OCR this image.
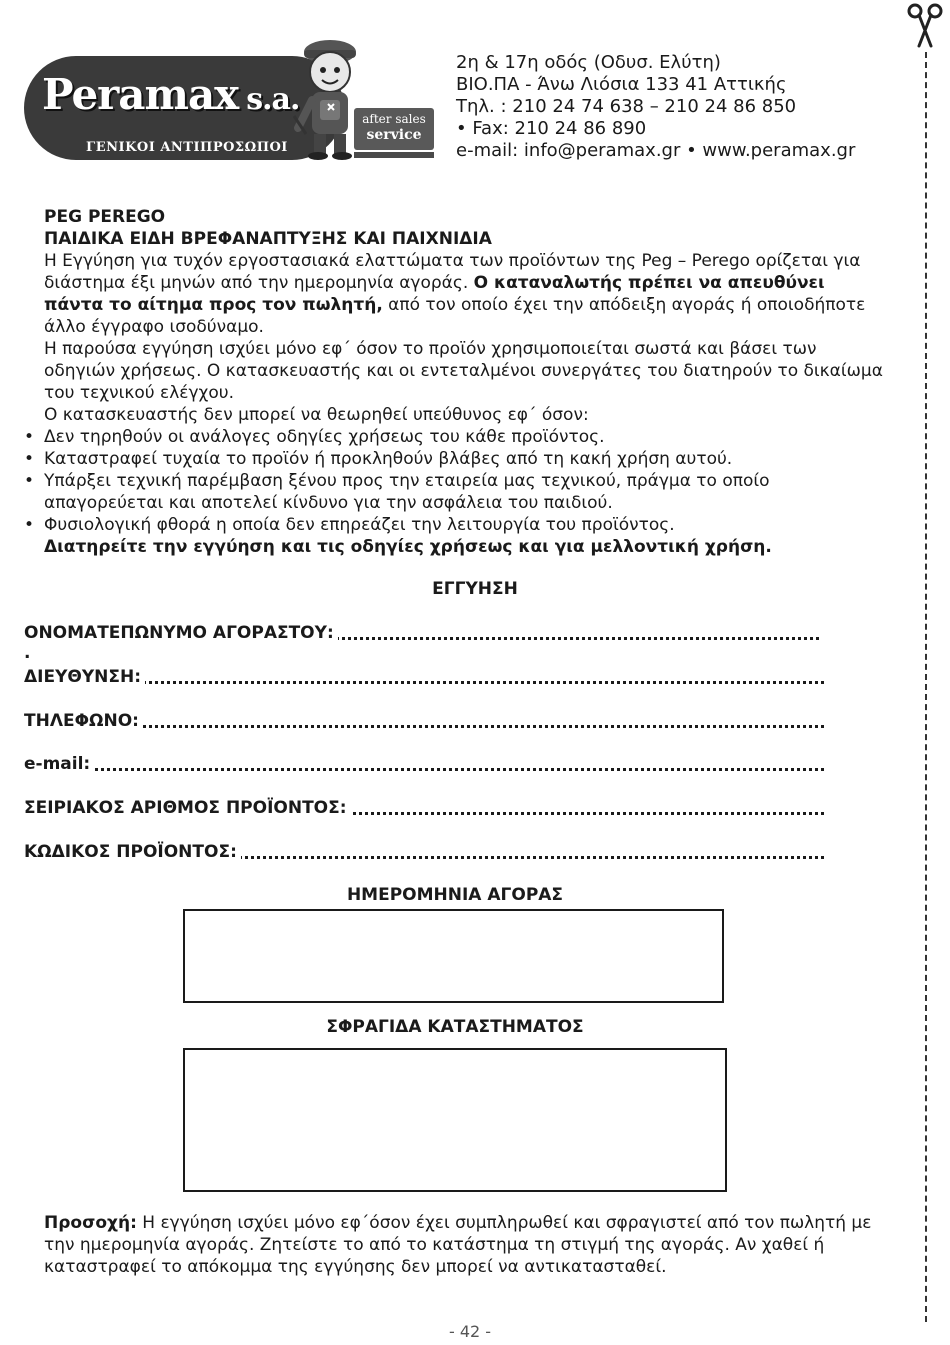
Peramax s.a.
ΓΕΝΙΚΟΙ ΑΝΤΙΠΡΟΣΩΠΟΙ
after sales
service
2η & 17η οδός (Οδυσ. Ελύτη)
ΒΙΟ.ΠΑ - Άνω Λιόσια 133 41 Αττικής
Τηλ. : 210 24 74 638 – 210 24 86 850
• Fax: 210 24 86 890
e-mail: info@peramax.gr • www.peramax.gr

PEG PEREGO

ΠΑΙΔΙΚΑ ΕΙΔΗ ΒΡΕΦΑΝΑΠΤΥΞΗΣ ΚΑΙ ΠΑΙΧΝΙΔΙΑ

Η Εγγύηση για τυχόν εργοστασιακά ελαττώματα των προϊόντων της Peg – Perego ορίζεται για διάστημα έξι μηνών από την ημερομηνία αγοράς. Ο καταναλωτής πρέπει να απευθύνει πάντα το αίτημα προς τον πωλητή, από τον οποίο έχει την απόδειξη αγοράς ή οποιοδήποτε άλλο έγγραφο ισοδύναμο.

Η παρούσα εγγύηση ισχύει μόνο εφ΄ όσον το προϊόν χρησιμοποιείται σωστά και βάσει των οδηγιών χρήσεως. Ο κατασκευαστής και οι εντεταλμένοι συνεργάτες του διατηρούν το δικαίωμα του τεχνικού ελέγχου.

Ο κατασκευαστής δεν μπορεί να θεωρηθεί υπεύθυνος εφ΄ όσον:

• Δεν τηρηθούν οι ανάλογες οδηγίες χρήσεως του κάθε προϊόντος.

• Καταστραφεί τυχαία το προϊόν ή προκληθούν βλάβες από τη κακή χρήση αυτού.

• Υπάρξει τεχνική παρέμβαση ξένου προς την εταιρεία μας τεχνικού, πράγμα το οποίο απαγορεύεται και αποτελεί κίνδυνο για την ασφάλεια του παιδιού.

• Φυσιολογική φθορά η οποία δεν επηρεάζει την λειτουργία του προϊόντος.

Διατηρείτε την εγγύηση και τις οδηγίες χρήσεως και για μελλοντική χρήση.

ΕΓΓΥΗΣΗ
ΟΝΟΜΑΤΕΠΩΝΥΜΟ ΑΓΟΡΑΣΤΟΥ:
.
ΔΙΕΥΘΥΝΣΗ:
ΤΗΛΕΦΩΝΟ:
e-mail:
ΣΕΙΡΙΑΚΟΣ ΑΡΙΘΜΟΣ ΠΡΟΪΟΝΤΟΣ:
ΚΩΔΙΚΟΣ ΠΡΟΪΟΝΤΟΣ:
ΗΜΕΡΟΜΗΝΙΑ ΑΓΟΡΑΣ
ΣΦΡΑΓΙΔΑ ΚΑΤΑΣΤΗΜΑΤΟΣ
Προσοχή: Η εγγύηση ισχύει μόνο εφ΄όσον έχει συμπληρωθεί και σφραγιστεί από τον πωλητή με την ημερομηνία αγοράς. Ζητείστε το από το κατάστημα τη στιγμή της αγοράς. Αν χαθεί ή καταστραφεί το απόκομμα της εγγύησης δεν μπορεί να αντικατασταθεί.
- 42 -
